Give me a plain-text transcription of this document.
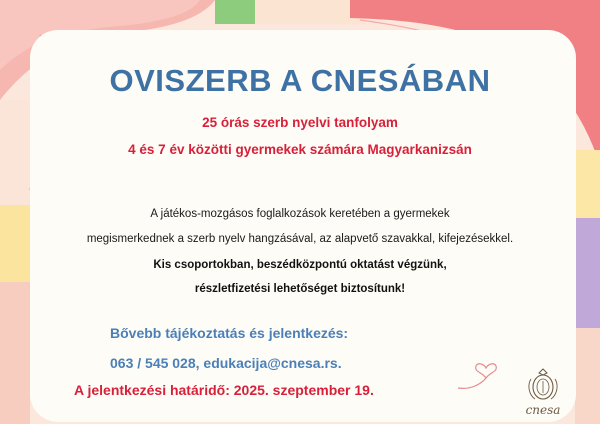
OVISZERB A CNESÁBAN
25 órás szerb nyelvi tanfolyam
4 és 7 év közötti gyermekek számára Magyarkanizsán
A játékos-mozgásos foglalkozások keretében a gyermekek
megismerkednek a szerb nyelv hangzásával, az alapvető szavakkal, kifejezésekkel.
Kis csoportokban, beszédközpontú oktatást végzünk,
részletfizetési lehetőséget biztosítunk!
Bővebb tájékoztatás és jelentkezés:
063 / 545 028, edukacija@cnesa.rs.
A jelentkezési határidő: 2025. szeptember 19.
cnesa
